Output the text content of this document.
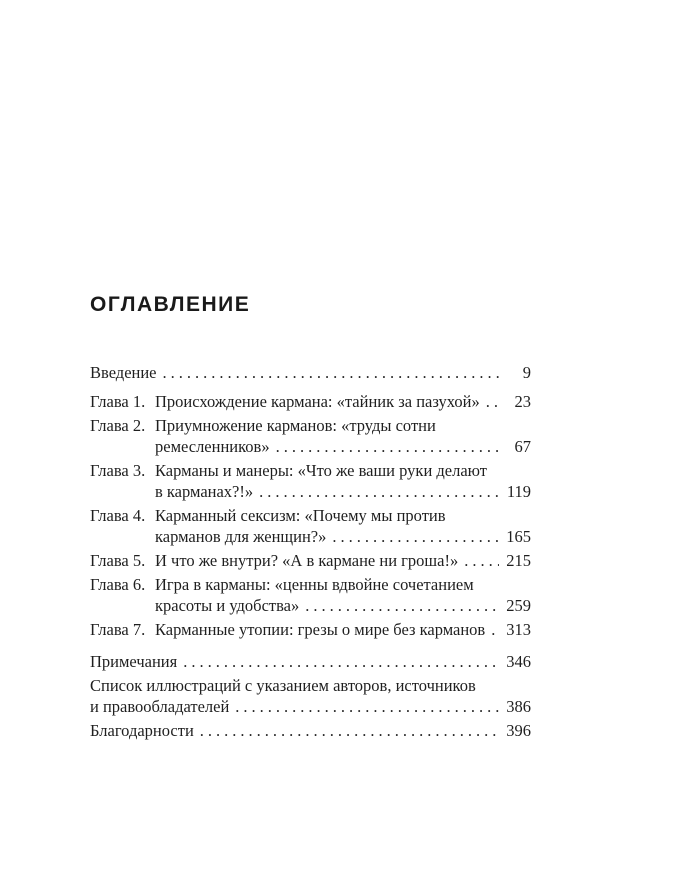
ОГЛАВЛЕНИЕ
Введение .....	9
Глава 1. Происхождение кармана: «тайник за пазухой» .....	23
Глава 2. Приумножение карманов: «труды сотни
ремесленников» .....	67
Глава 3. Карманы и манеры: «Что же ваши руки делают
в карманах?!» .....	119
Глава 4. Карманный сексизм: «Почему мы против
карманов для женщин?» .....	165
Глава 5. И что же внутри? «А в кармане ни гроша!» .....	215
Глава 6. Игра в карманы: «ценны вдвойне сочетанием
красоты и удобства» .....	259
Глава 7. Карманные утопии: грезы о мире без карманов ..... 313
Примечания .....	346
Список иллюстраций с указанием авторов, источников
и правообладателей .....	386
Благодарности .....	396
